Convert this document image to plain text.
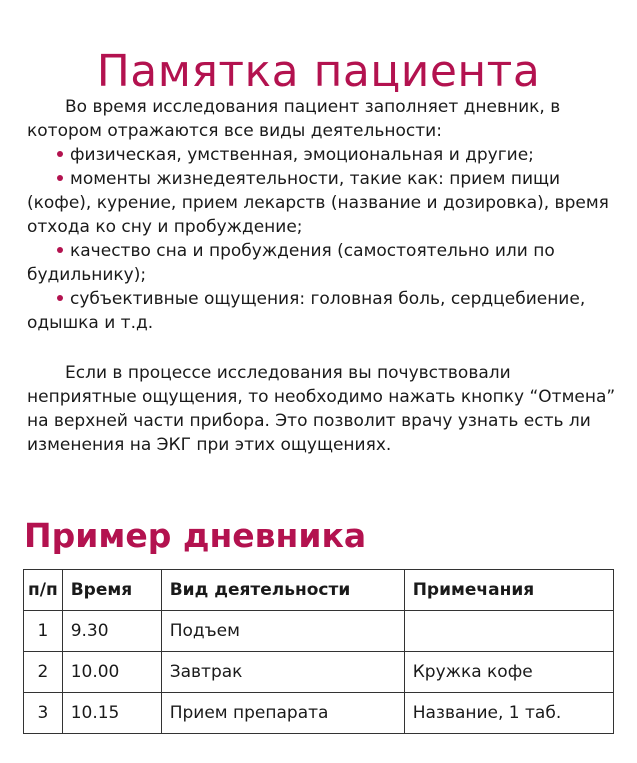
Памятка пациента

Во время исследования пациент заполняет дневник, в котором отражаются все виды деятельности:

физическая, умственная, эмоциональная и другие;

моменты жизнедеятельности, такие как: прием пищи (кофе), курение, прием лекарств (название и дозировка), время отхода ко сну и пробуждение;

качество сна и пробуждения (самостоятельно или по будильнику);

субъективные ощущения: головная боль, сердцебиение, одышка и т.д.

Если в процессе исследования вы почувствовали неприятные ощущения, то необходимо нажать кнопку “Отмена” на верхней части прибора. Это позволит врачу узнать есть ли изменения на ЭКГ при этих ощущениях.

Пример дневника
п/п	Время	Вид деятельности	Примечания
1	9.30	Подъем	
2	10.00	Завтрак	Кружка кофе
3	10.15	Прием препарата	Название, 1 таб.
